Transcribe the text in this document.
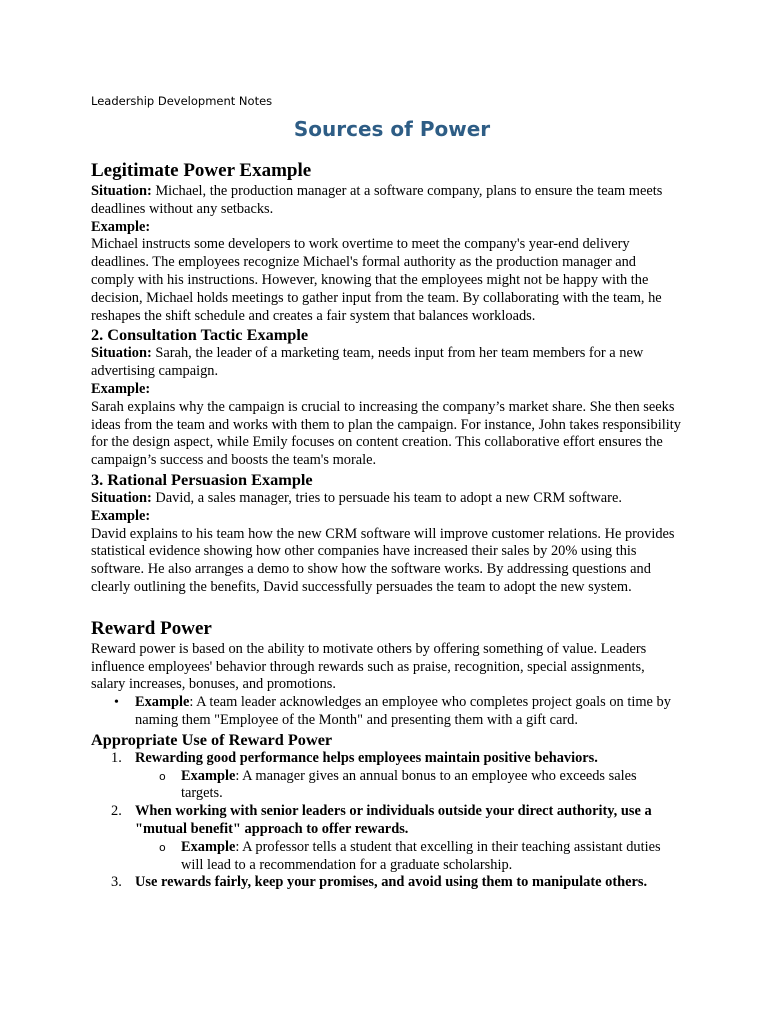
Leadership Development Notes

Sources of Power
Legitimate Power Example

Situation: Michael, the production manager at a software company, plans to ensure the team meets deadlines without any setbacks.

Example:

Michael instructs some developers to work overtime to meet the company's year-end delivery deadlines. The employees recognize Michael's formal authority as the production manager and comply with his instructions. However, knowing that the employees might not be happy with the decision, Michael holds meetings to gather input from the team. By collaborating with the team, he reshapes the shift schedule and creates a fair system that balances workloads.

2. Consultation Tactic Example

Situation: Sarah, the leader of a marketing team, needs input from her team members for a new advertising campaign.

Example:

Sarah explains why the campaign is crucial to increasing the company’s market share. She then seeks ideas from the team and works with them to plan the campaign. For instance, John takes responsibility for the design aspect, while Emily focuses on content creation. This collaborative effort ensures the campaign’s success and boosts the team's morale.

3. Rational Persuasion Example

Situation: David, a sales manager, tries to persuade his team to adopt a new CRM software.

Example:

David explains to his team how the new CRM software will improve customer relations. He provides statistical evidence showing how other companies have increased their sales by 20% using this software. He also arranges a demo to show how the software works. By addressing questions and clearly outlining the benefits, David successfully persuades the team to adopt the new system.

Reward Power

Reward power is based on the ability to motivate others by offering something of value. Leaders influence employees' behavior through rewards such as praise, recognition, special assignments, salary increases, bonuses, and promotions.

• Example: A team leader acknowledges an employee who completes project goals on time by naming them "Employee of the Month" and presenting them with a gift card.
Appropriate Use of Reward Power
1. Rewarding good performance helps employees maintain positive behaviors.
o Example: A manager gives an annual bonus to an employee who exceeds sales targets.
2. When working with senior leaders or individuals outside your direct authority, use a "mutual benefit" approach to offer rewards.
o Example: A professor tells a student that excelling in their teaching assistant duties will lead to a recommendation for a graduate scholarship.
3. Use rewards fairly, keep your promises, and avoid using them to manipulate others.
